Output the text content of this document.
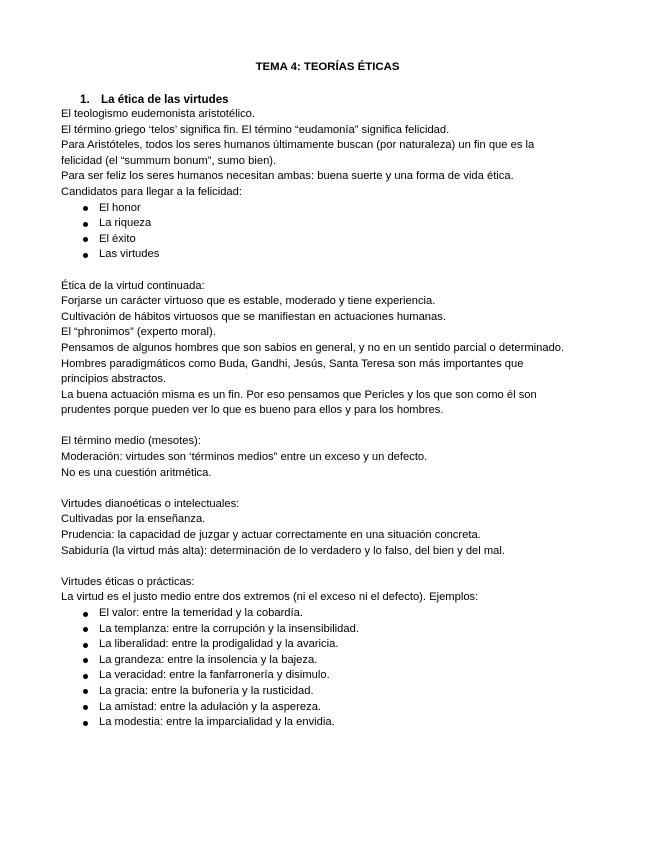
TEMA 4: TEORÍAS ÉTICAS
1. La ética de las virtudes

El teologismo eudemonista aristotélico.

El término griego ‘telos’ significa fin. El término “eudamonía” significa felicidad.

Para Aristóteles, todos los seres humanos últimamente buscan (por naturaleza) un fin que es la

felicidad (el “summum bonum”, sumo bien).

Para ser feliz los seres humanos necesitan ambas: buena suerte y una forma de vida ética.

Candidatos para llegar a la felicidad:

El honor
La riqueza
El éxito
Las virtudes

Ética de la virtud continuada:

Forjarse un carácter virtuoso que es estable, moderado y tiene experiencia.

Cultivación de hábitos virtuosos que se manifiestan en actuaciones humanas.

El “phronimos” (experto moral).

Pensamos de algunos hombres que son sabios en general, y no en un sentido parcial o determinado.

Hombres paradigmáticos como Buda, Gandhi, Jesús, Santa Teresa son más importantes que

principios abstractos.

La buena actuación misma es un fin. Por eso pensamos que Pericles y los que son como él son

prudentes porque pueden ver lo que es bueno para ellos y para los hombres.

El término medio (mesotes):

Moderación: virtudes son ‘términos medios” entre un exceso y un defecto.

No es una cuestión aritmética.

Virtudes dianoéticas o intelectuales:

Cultivadas por la enseñanza.

Prudencia: la capacidad de juzgar y actuar correctamente en una situación concreta.

Sabiduría (la virtud más alta): determinación de lo verdadero y lo falso, del bien y del mal.

Virtudes éticas o prácticas:

La virtud es el justo medio entre dos extremos (ni el exceso ni el defecto). Ejemplos:

El valor: entre la temeridad y la cobardía.
La templanza: entre la corrupción y la insensibilidad.
La liberalidad: entre la prodigalidad y la avaricia.
La grandeza: entre la insolencia y la bajeza.
La veracidad: entre la fanfarronería y disimulo.
La gracia: entre la bufonería y la rusticidad.
La amistad: entre la adulación y la aspereza.
La modestia: entre la imparcialidad y la envidia.
